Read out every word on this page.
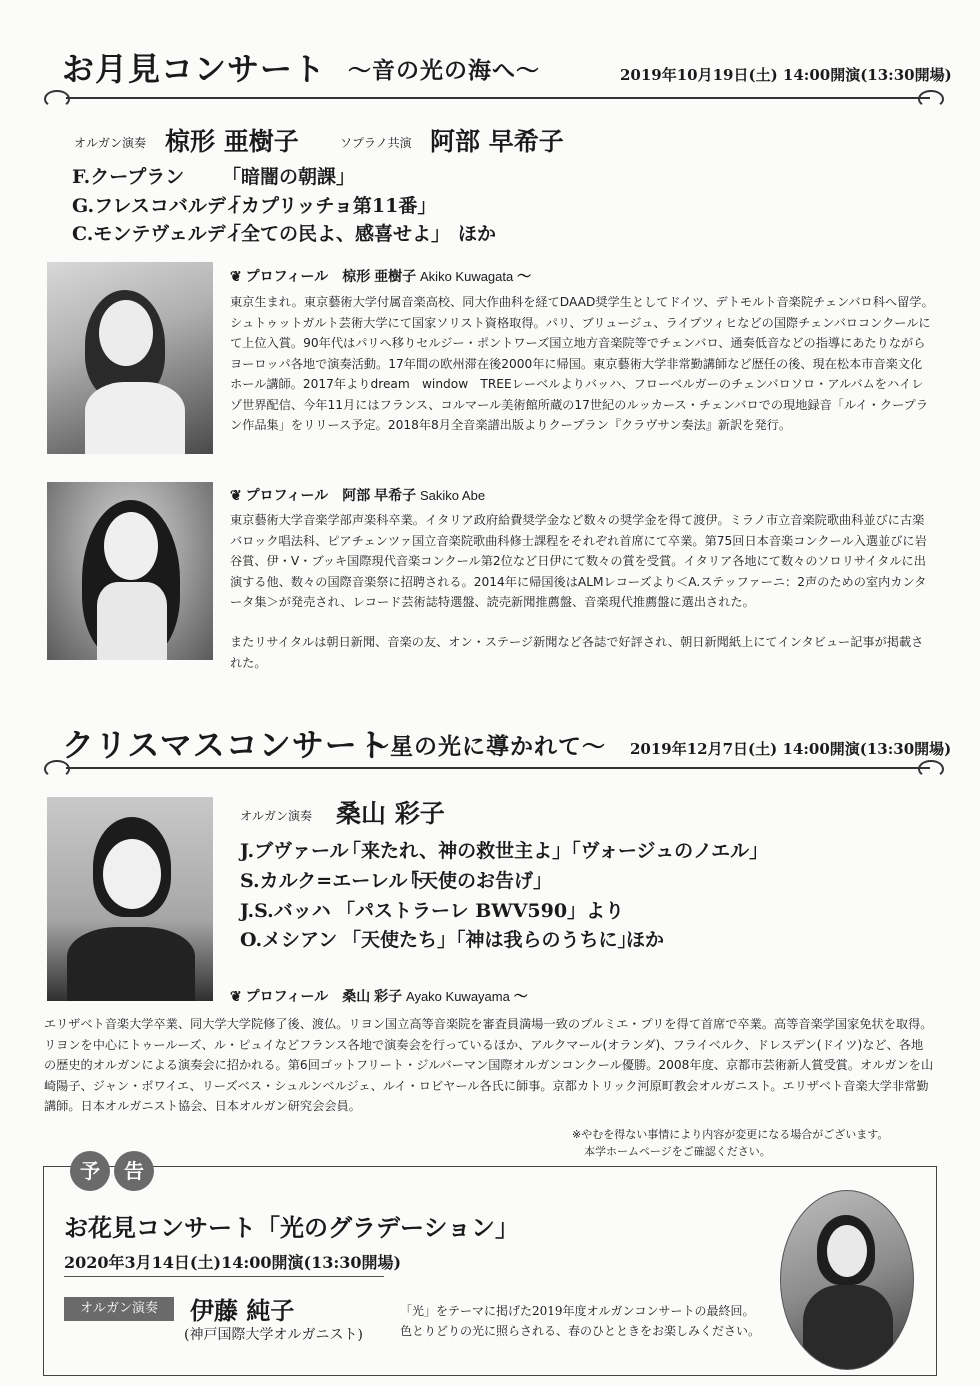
お月見コンサート ～音の光の海へ～	2019年10月19日(土) 14:00開演(13:30開場)
オルガン演奏 椋形 亜樹子	ソプラノ共演 阿部 早希子
F.クープラン 「暗闇の朝課」
G.フレスコバルディ
「カプリッチョ第11番」
C.モンテヴェルディ
「全ての民よ、感喜せよ」 ほか
❦ プロフィール　椋形 亜樹子 Akiko Kuwagata 〜
東京生まれ。東京藝術大学付属音楽高校、同大作曲科を経てDAAD奨学生としてドイツ、デトモルト音楽院チェンバロ科へ留学。シュトゥットガルト芸術大学にて国家ソリスト資格取得。パリ、ブリュージュ、ライプツィヒなどの国際チェンバロコンクールにて上位入賞。90年代はパリへ移りセルジー・ポントワーズ国立地方音楽院等でチェンバロ、通奏低音などの指導にあたりながらヨーロッパ各地で演奏活動。17年間の欧州滞在後2000年に帰国。東京藝術大学非常勤講師など歴任の後、現在松本市音楽文化ホール講師。2017年よりdream　window　TREEレーベルよりバッハ、フローベルガーのチェンバロソロ・アルバムをハイレゾ世界配信、今年11月にはフランス、コルマール美術館所蔵の17世紀のルッカース・チェンバロでの現地録音「ルイ・クープラン作品集」をリリース予定。2018年8月全音楽譜出版よりクープラン『クラヴサン奏法』新訳を発行。
❦ プロフィール　阿部 早希子 Sakiko Abe
東京藝術大学音楽学部声楽科卒業。イタリア政府給費奨学金など数々の奨学金を得て渡伊。ミラノ市立音楽院歌曲科並びに古楽バロック唱法科、ピアチェンツァ国立音楽院歌曲科修士課程をそれぞれ首席にて卒業。第75回日本音楽コンクール入選並びに岩谷賞、伊・V・ブッキ国際現代音楽コンクール第2位など日伊にて数々の賞を受賞。イタリア各地にて数々のソロリサイタルに出演する他、数々の国際音楽祭に招聘される。2014年に帰国後はALMレコーズより＜A.ステッファーニ：2声のための室内カンタータ集＞が発売され、レコード芸術誌特選盤、読売新聞推薦盤、音楽現代推薦盤に選出された。
またリサイタルは朝日新聞、音楽の友、オン・ステージ新聞など各誌で好評され、朝日新聞紙上にてインタビュー記事が掲載された。
クリスマスコンサート
～星の光に導かれて～ 2019年12月7日(土) 14:00開演(13:30開場)
オルガン演奏 桑山 彩子
J.ブヴァール
「来たれ、神の救世主よ」「ヴォージュのノエル」
S.カルク=エーレルト
「天使のお告げ」
J.S.バッハ 「パストラーレ BWV590」より
O.メシアン 「天使たち」「神は我らのうちに」
ほか
❦ プロフィール　桑山 彩子 Ayako Kuwayama 〜
エリザベト音楽大学卒業、同大学大学院修了後、渡仏。リヨン国立高等音楽院を審査員満場一致のプルミエ・プリを得て首席で卒業。高等音楽学国家免状を取得。リヨンを中心にトゥールーズ、ル・ピュイなどフランス各地で演奏会を行っているほか、アルクマール(オランダ)、フライベルク、ドレスデン(ドイツ)など、各地の歴史的オルガンによる演奏会に招かれる。第6回ゴットフリート・ジルバーマン国際オルガンコンクール優勝。2008年度、京都市芸術新人賞受賞。オルガンを山崎陽子、ジャン・ボワイエ、リーズベス・シュルンベルジェ、ルイ・ロビヤール各氏に師事。京都カトリック河原町教会オルガニスト。エリザベト音楽大学非常勤講師。日本オルガニスト協会、日本オルガン研究会会員。
※やむを得ない事情により内容が変更になる場合がございます。
本学ホームページをご確認ください。
予	告
お花見コンサート「光のグラデーション」
2020年3月14日(土)14:00開演(13:30開場)
オルガン演奏	伊藤 純子
(神戸国際大学オルガニスト)
「光」をテーマに掲げた2019年度オルガンコンサートの最終回。
色とりどりの光に照らされる、春のひとときをお楽しみください。
